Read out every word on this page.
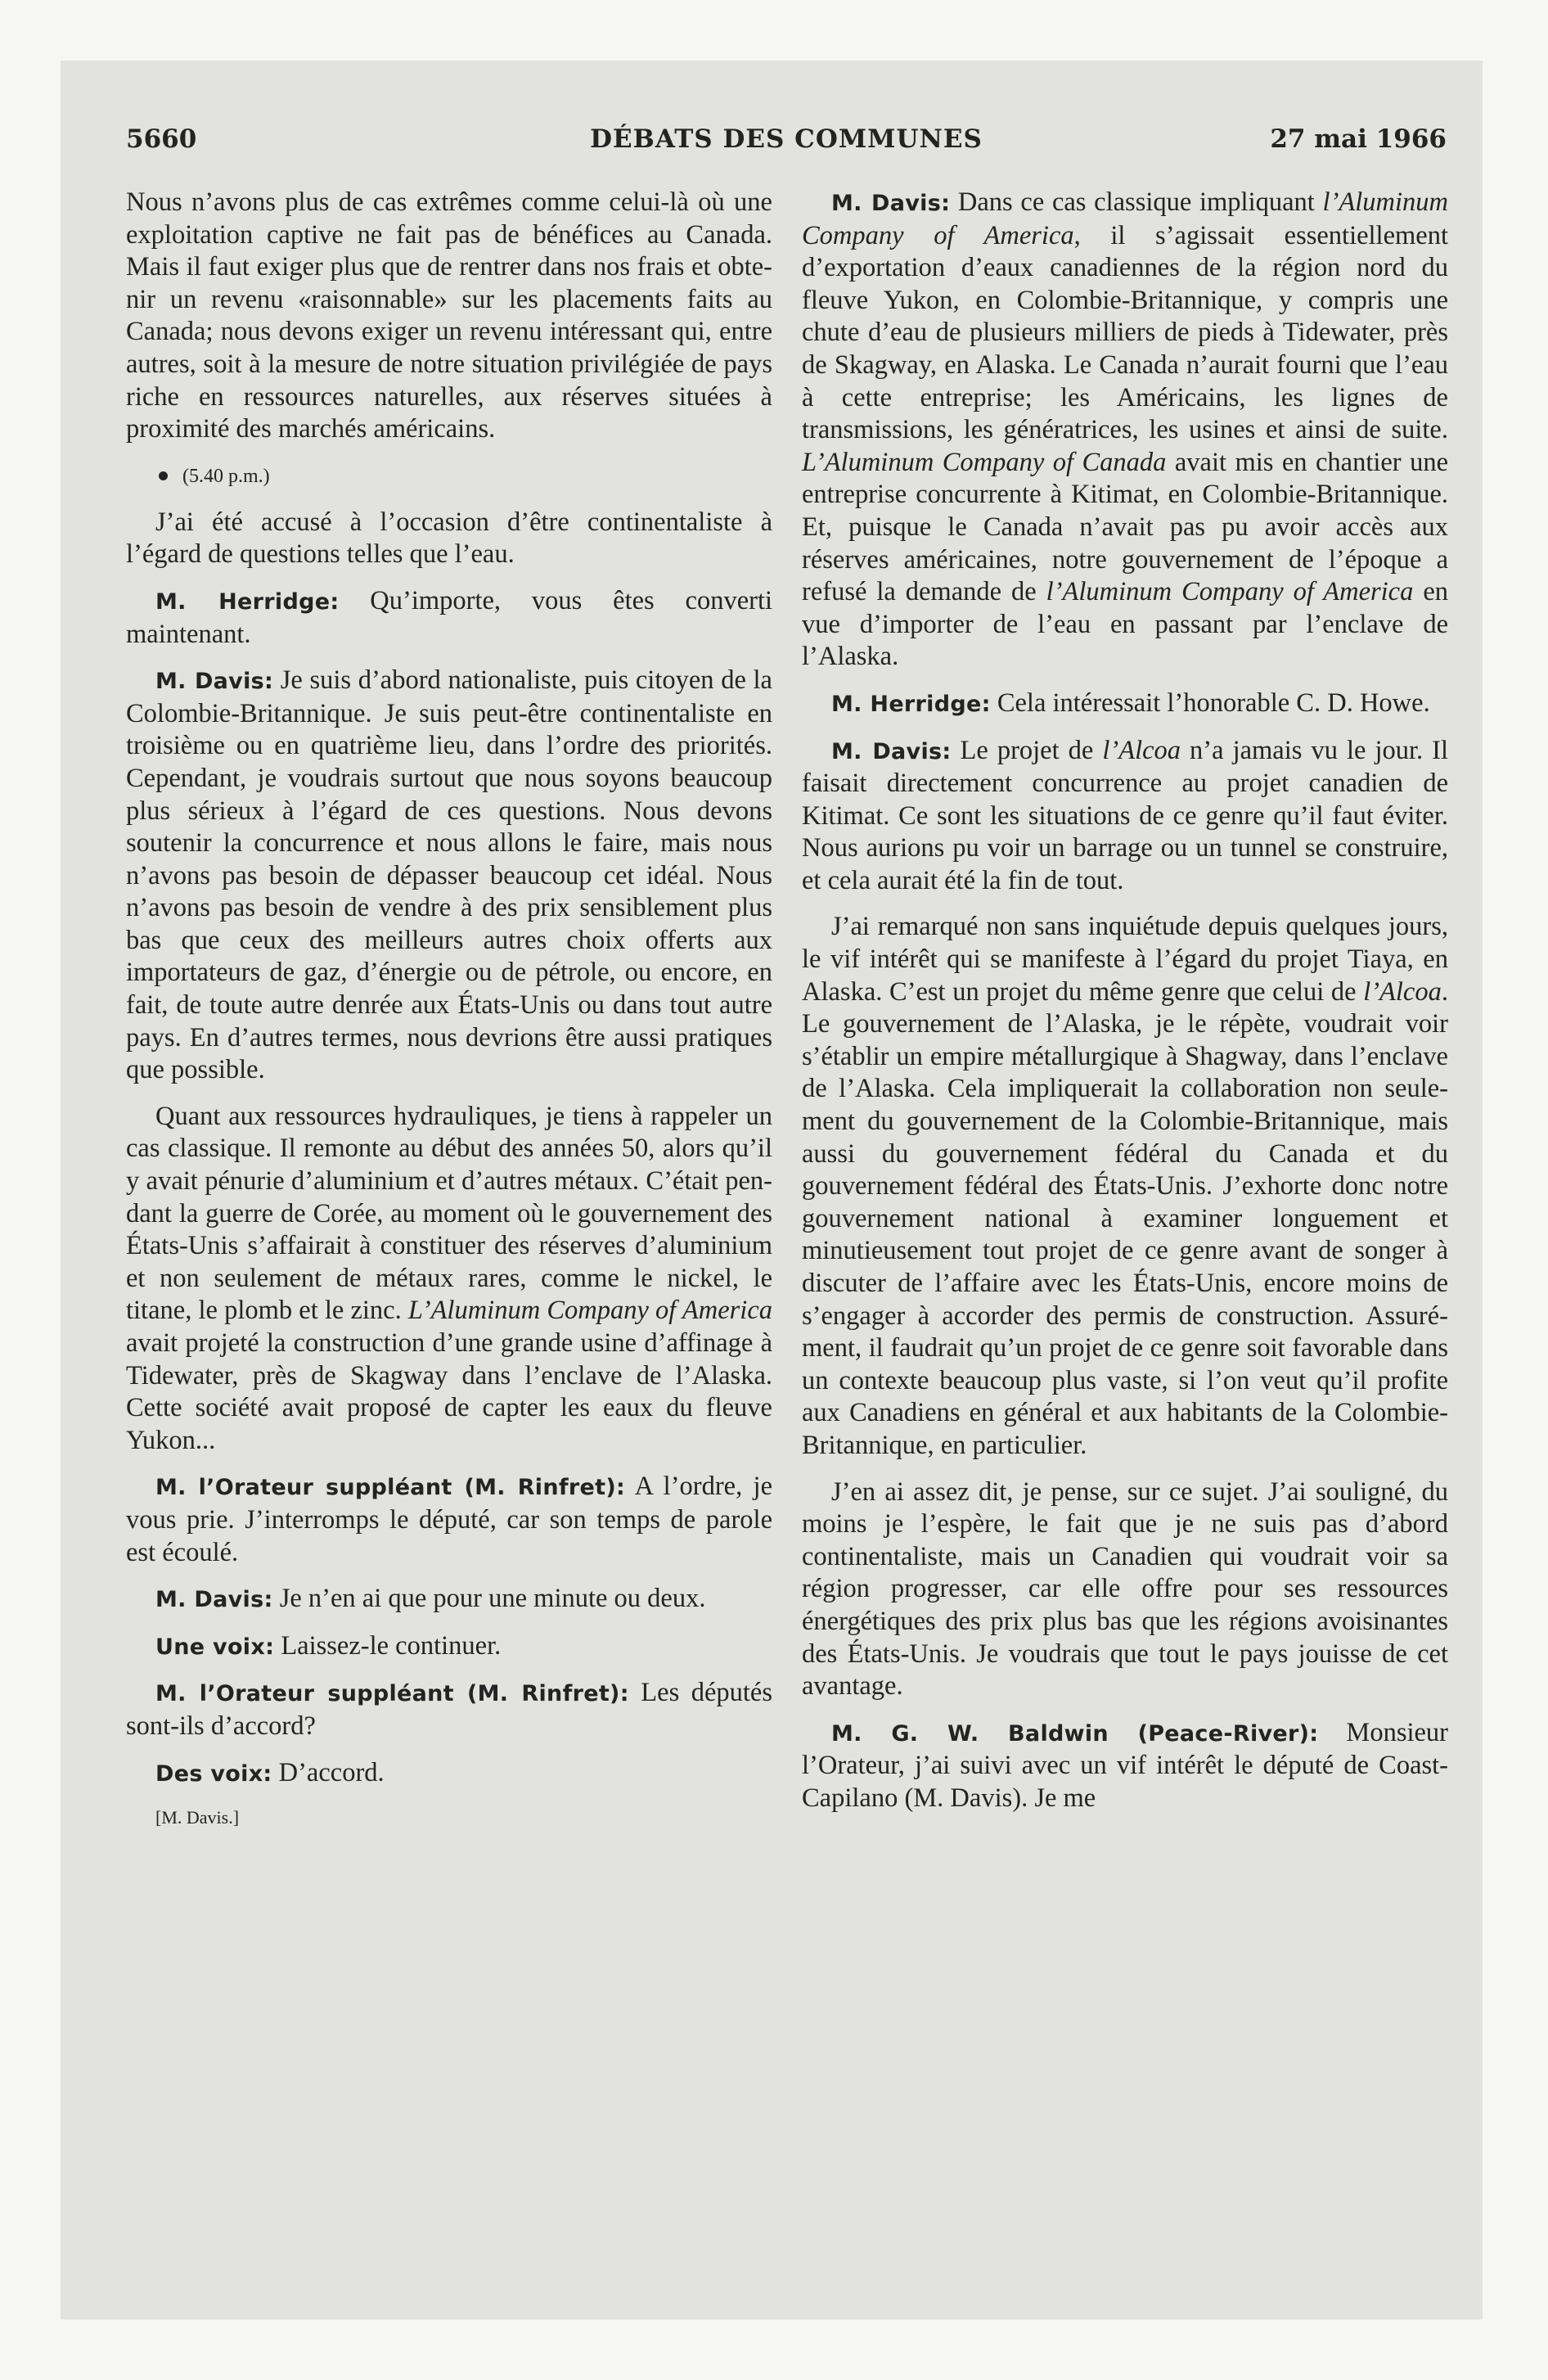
DÉBATS DES COMMUNES
5660	27 mai 1966

Nous n’avons plus de cas extrêmes comme celui-là où une exploitation captive ne fait pas de bénéfices au Canada. Mais il faut exiger plus que de rentrer dans nos frais et obtenir un revenu «raisonnable» sur les placements faits au Canada; nous devons exiger un revenu intéressant qui, entre autres, soit à la mesure de notre situation privilégiée de pays riche en ressources naturelles, aux réserves situées à proximité des marchés américains.

(5.40 p.m.)

J’ai été accusé à l’occasion d’être continentaliste à l’égard de questions telles que l’eau.

M. Herridge: Qu’importe, vous êtes converti maintenant.

M. Davis: Je suis d’abord nationaliste, puis citoyen de la Colombie-Britannique. Je suis peut-être continentaliste en troisième ou en quatrième lieu, dans l’ordre des priorités. Cependant, je voudrais surtout que nous soyons beaucoup plus sérieux à l’égard de ces questions. Nous devons soutenir la concurrence et nous allons le faire, mais nous n’avons pas besoin de dépasser beaucoup cet idéal. Nous n’avons pas besoin de vendre à des prix sensiblement plus bas que ceux des meilleurs autres choix offerts aux importateurs de gaz, d’énergie ou de pétrole, ou encore, en fait, de toute autre denrée aux États-Unis ou dans tout autre pays. En d’autres termes, nous devrions être aussi pratiques que possible.

Quant aux ressources hydrauliques, je tiens à rappeler un cas classique. Il remonte au début des années 50, alors qu’il y avait pénurie d’aluminium et d’autres métaux. C’était pendant la guerre de Corée, au moment où le gouvernement des États-Unis s’affairait à constituer des réserves d’aluminium et non seulement de métaux rares, comme le nickel, le titane, le plomb et le zinc. L’Aluminum Company of America avait projeté la construction d’une grande usine d’affinage à Tidewater, près de Skagway dans l’enclave de l’Alaska. Cette société avait proposé de capter les eaux du fleuve Yukon...

M. l’Orateur suppléant (M. Rinfret): A l’ordre, je vous prie. J’interromps le député, car son temps de parole est écoulé.

M. Davis: Je n’en ai que pour une minute ou deux.

Une voix: Laissez-le continuer.

M. l’Orateur suppléant (M. Rinfret): Les députés sont-ils d’accord?

Des voix: D’accord.

[M. Davis.]

M. Davis: Dans ce cas classique impliquant l’Aluminum Company of America, il s’agissait essentiellement d’exportation d’eaux canadiennes de la région nord du fleuve Yukon, en Colombie-Britannique, y compris une chute d’eau de plusieurs milliers de pieds à Tidewater, près de Skagway, en Alaska. Le Canada n’aurait fourni que l’eau à cette entreprise; les Américains, les lignes de transmissions, les génératrices, les usines et ainsi de suite. L’Aluminum Company of Canada avait mis en chantier une entreprise concurrente à Kitimat, en Colombie-Britannique. Et, puisque le Canada n’avait pas pu avoir accès aux réserves américaines, notre gouvernement de l’époque a refusé la demande de l’Aluminum Company of America en vue d’importer de l’eau en passant par l’enclave de l’Alaska.

M. Herridge: Cela intéressait l’honorable C. D. Howe.

M. Davis: Le projet de l’Alcoa n’a jamais vu le jour. Il faisait directement concurrence au projet canadien de Kitimat. Ce sont les situations de ce genre qu’il faut éviter. Nous aurions pu voir un barrage ou un tunnel se construire, et cela aurait été la fin de tout.

J’ai remarqué non sans inquiétude depuis quelques jours, le vif intérêt qui se manifeste à l’égard du projet Tiaya, en Alaska. C’est un projet du même genre que celui de l’Alcoa. Le gouvernement de l’Alaska, je le répète, voudrait voir s’établir un empire métallurgique à Shagway, dans l’enclave de l’Alaska. Cela impliquerait la collaboration non seulement du gouvernement de la Colombie-Britannique, mais aussi du gouvernement fédéral du Canada et du gouvernement fédéral des États-Unis. J’exhorte donc notre gouvernement national à examiner longuement et minutieusement tout projet de ce genre avant de songer à discuter de l’affaire avec les États-Unis, encore moins de s’engager à accorder des permis de construction. Assurément, il faudrait qu’un projet de ce genre soit favorable dans un contexte beaucoup plus vaste, si l’on veut qu’il profite aux Canadiens en général et aux habitants de la Colombie-Britannique, en particulier.

J’en ai assez dit, je pense, sur ce sujet. J’ai souligné, du moins je l’espère, le fait que je ne suis pas d’abord continentaliste, mais un Canadien qui voudrait voir sa région progresser, car elle offre pour ses ressources énergétiques des prix plus bas que les régions avoisinantes des États-Unis. Je voudrais que tout le pays jouisse de cet avantage.

M. G. W. Baldwin (Peace-River): Monsieur l’Orateur, j’ai suivi avec un vif intérêt le député de Coast-Capilano (M. Davis). Je me
